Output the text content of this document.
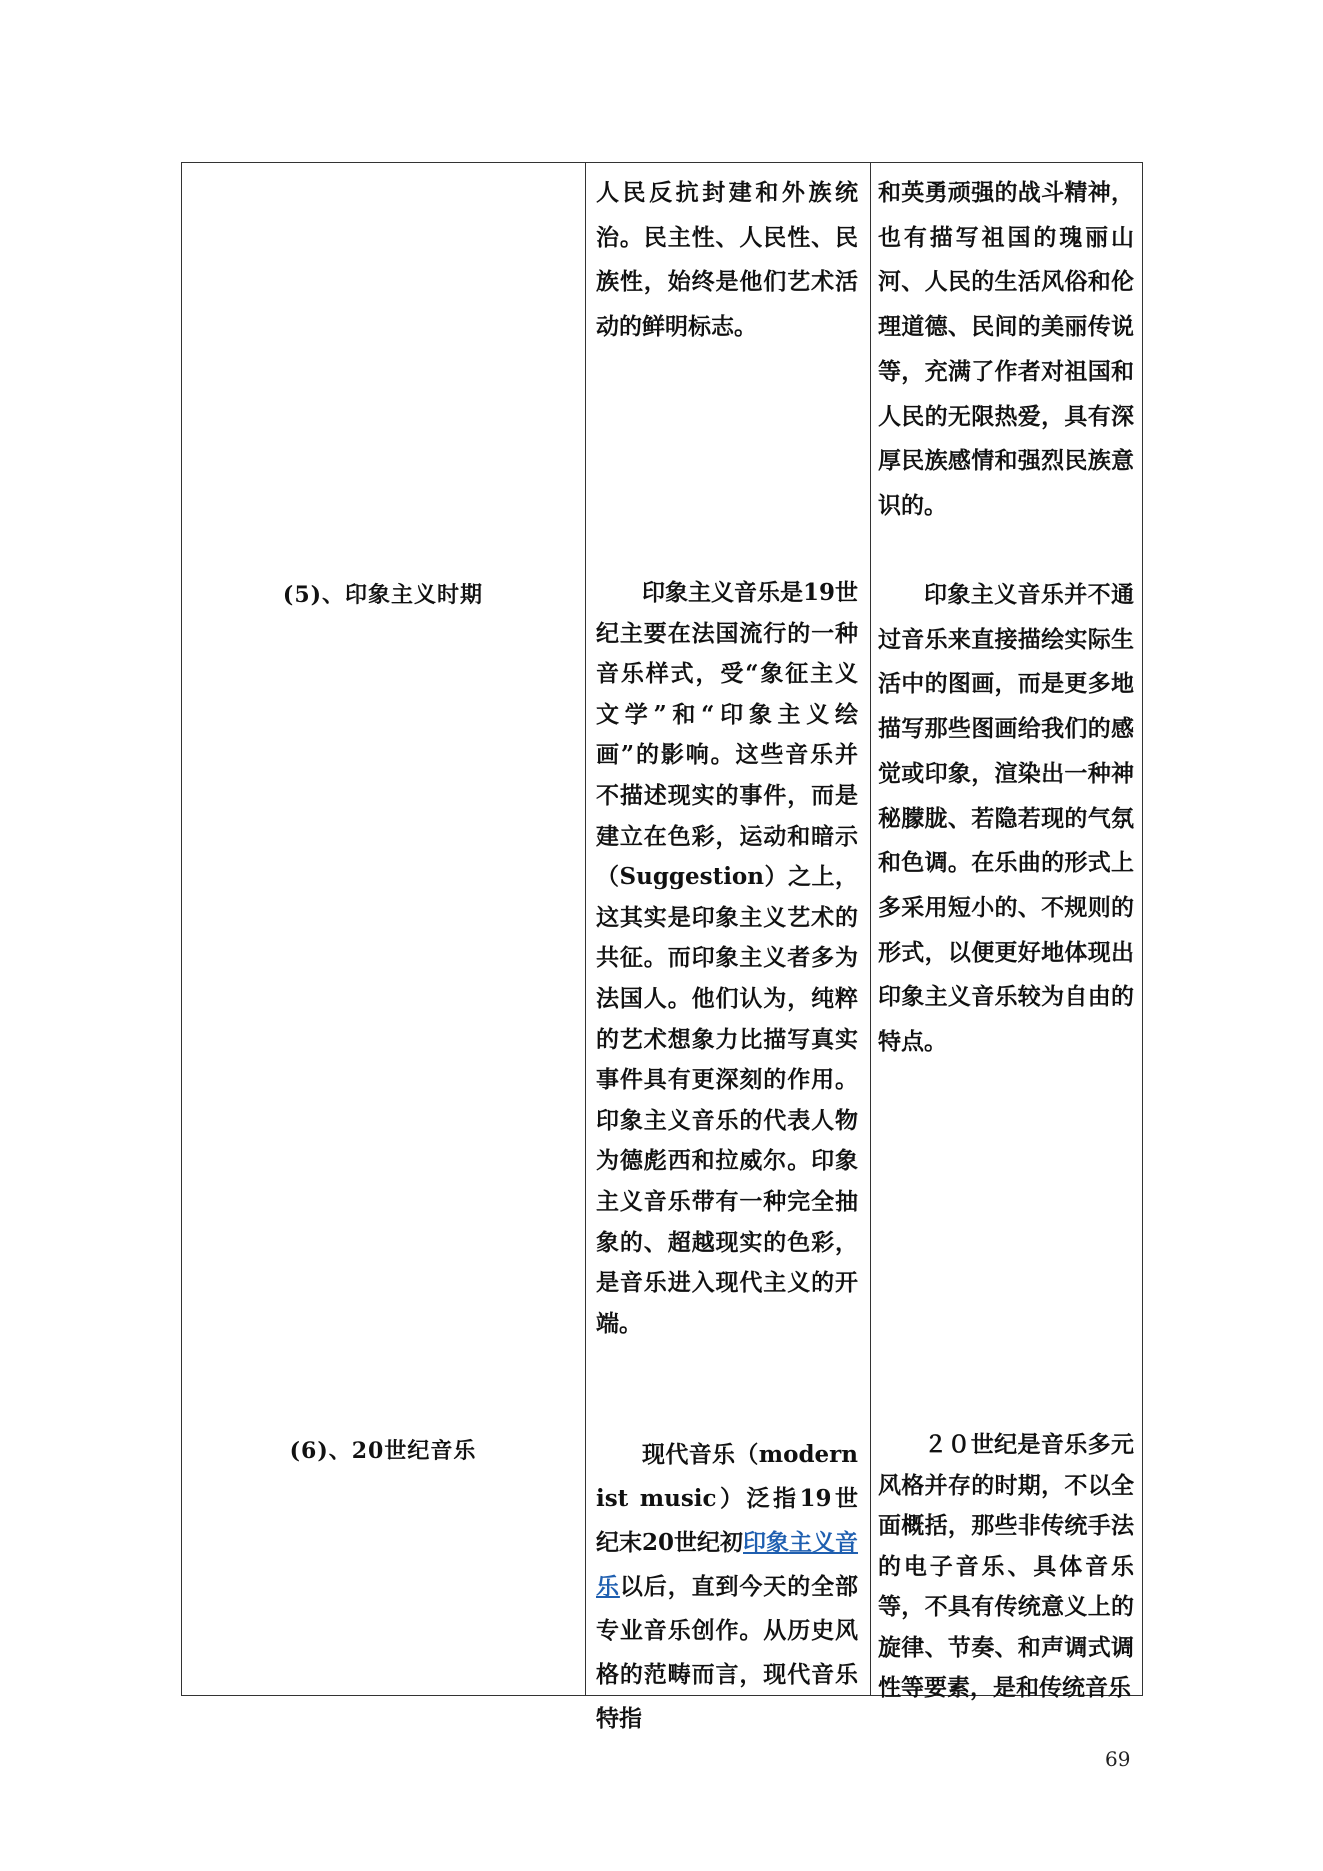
人民反抗封建和外族统治。民主性、人民性、民族性，始终是他们艺术活动的鲜明标志。
和英勇顽强的战斗精神，也有描写祖国的瑰丽山河、人民的生活风俗和伦理道德、民间的美丽传说等，充满了作者对祖国和人民的无限热爱，具有深厚民族感情和强烈民族意识的。
(5)、印象主义时期	印象主义音乐是19世纪主要在法国流行的一种音乐样式，受“象征主义文学”和“印象主义绘画”的影响。这些音乐并不描述现实的事件，而是建立在色彩，运动和暗示（Suggestion）之上，这其实是印象主义艺术的共征。而印象主义者多为法国人。他们认为，纯粹的艺术想象力比描写真实事件具有更深刻的作用。印象主义音乐的代表人物为德彪西和拉威尔。印象主义音乐带有一种完全抽象的、超越现实的色彩，是音乐进入现代主义的开端。
印象主义音乐并不通过音乐来直接描绘实际生活中的图画，而是更多地描写那些图画给我们的感觉或印象，渲染出一种神秘朦胧、若隐若现的气氛和色调。在乐曲的形式上多采用短小的、不规则的形式，以便更好地体现出印象主义音乐较为自由的特点。
(6)、20世纪音乐	现代音乐（modernist music）泛指19世纪末20世纪初印象主义音乐以后，直到今天的全部专业音乐创作。从历史风格的范畴而言，现代音乐特指
２０世纪是音乐多元风格并存的时期，不以全面概括，那些非传统手法的电子音乐、具体音乐等，不具有传统意义上的旋律、节奏、和声调式调性等要素，是和传统音乐
69
